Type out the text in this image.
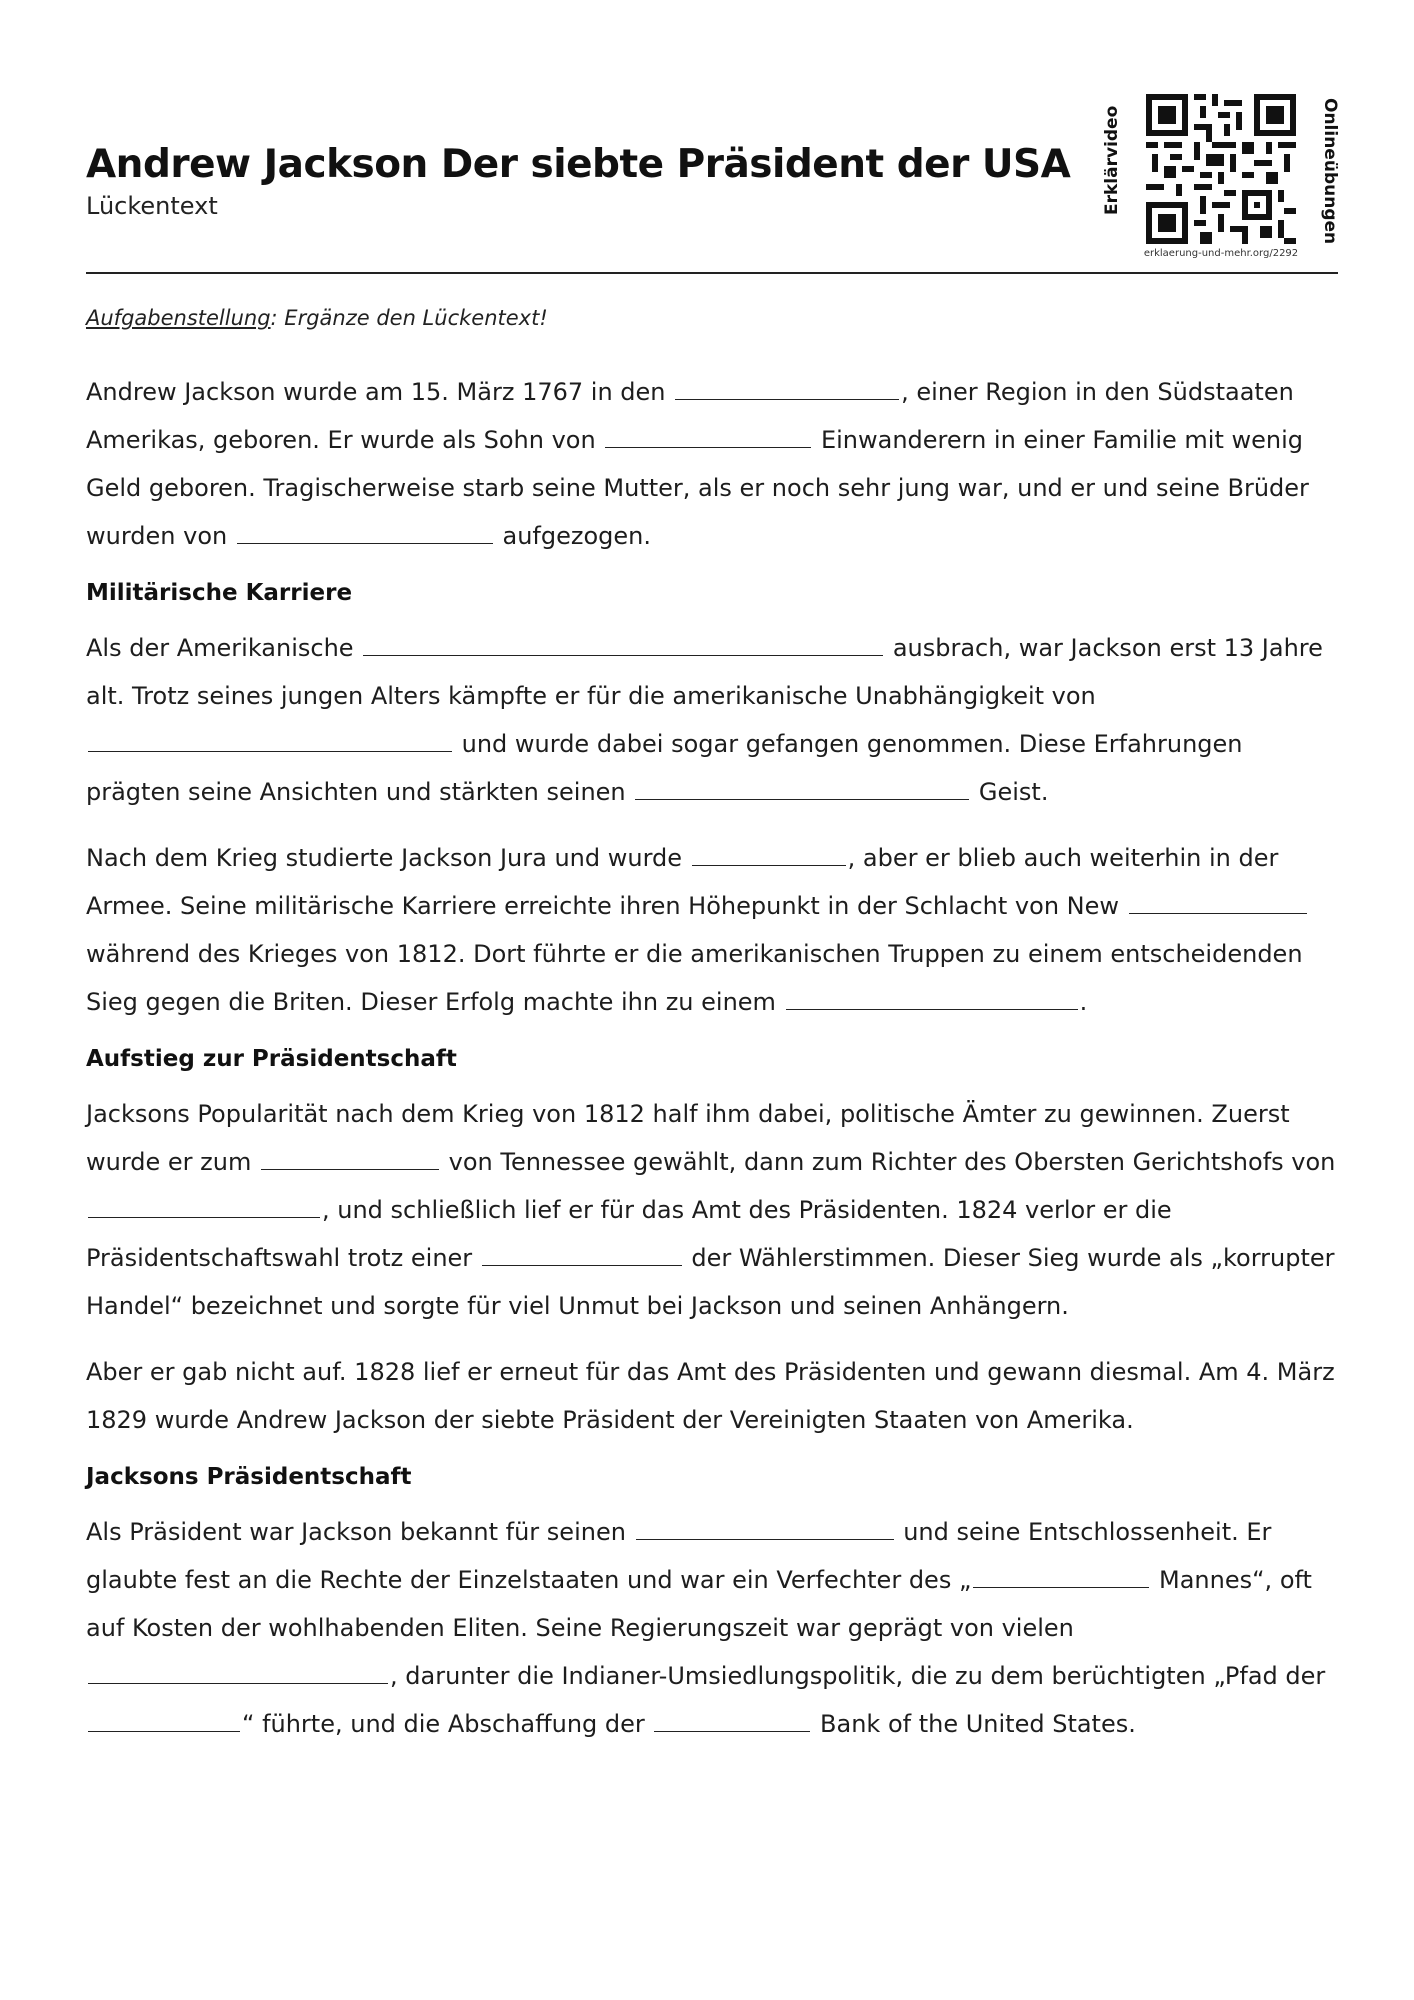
Andrew Jackson Der siebte Präsident der USA
Lückentext	Erklärvideo
erklaerung-und-mehr.org/2292
Onlineübungen
Aufgabenstellung: Ergänze den Lückentext!

Andrew Jackson wurde am 15. März 1767 in den	, einer Region in den Südstaaten Amerikas, geboren. Er wurde als Sohn von	Einwanderern in einer Familie mit wenig Geld geboren. Tragischerweise starb seine Mutter, als er noch sehr jung war, und er und seine Brüder wurden von	aufgezogen.

Militärische Karriere

Als der Amerikanische	ausbrach, war Jackson erst 13 Jahre alt. Trotz seines jungen Alters kämpfte er für die amerikanische Unabhängigkeit von  und wurde dabei sogar gefangen genommen. Diese Erfahrungen prägten seine Ansichten und stärkten seinen	Geist.

Nach dem Krieg studierte Jackson Jura und wurde	, aber er blieb auch weiterhin in der Armee. Seine militärische Karriere erreichte ihren Höhepunkt in der Schlacht von New  während des Krieges von 1812. Dort führte er die amerikanischen Truppen zu einem entscheidenden Sieg gegen die Briten. Dieser Erfolg machte ihn zu einem	.

Aufstieg zur Präsidentschaft

Jacksons Popularität nach dem Krieg von 1812 half ihm dabei, politische Ämter zu gewinnen. Zuerst wurde er zum	von Tennessee gewählt, dann zum Richter des Obersten Gerichtshofs von , und schließlich lief er für das Amt des Präsidenten. 1824 verlor er die Präsidentschaftswahl trotz einer	der Wählerstimmen. Dieser Sieg wurde als „korrupter Handel“ bezeichnet und sorgte für viel Unmut bei Jackson und seinen Anhängern.

Aber er gab nicht auf. 1828 lief er erneut für das Amt des Präsidenten und gewann diesmal. Am 4. März 1829 wurde Andrew Jackson der siebte Präsident der Vereinigten Staaten von Amerika.

Jacksons Präsidentschaft

Als Präsident war Jackson bekannt für seinen	und seine Entschlossenheit. Er glaubte fest an die Rechte der Einzelstaaten und war ein Verfechter des „	Mannes“, oft auf Kosten der wohlhabenden Eliten. Seine Regierungszeit war geprägt von vielen , darunter die Indianer-Umsiedlungspolitik, die zu dem berüchtigten „Pfad der “ führte, und die Abschaffung der	Bank of the United States.
